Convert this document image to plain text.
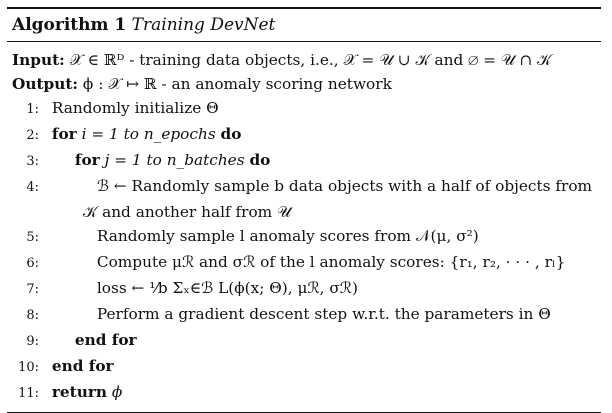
Algorithm 1 Training DevNet
Input: 𝒳 ∈ ℝᴰ - training data objects, i.e., 𝒳 = 𝒰 ∪ 𝒦 and ∅ = 𝒰 ∩ 𝒦
Output: ϕ : 𝒳 ↦ ℝ - an anomaly scoring network
1: Randomly initialize Θ
2: for i = 1 to n_epochs do
3: for j = 1 to n_batches do
4:	ℬ ← Randomly sample b data objects with a half of objects from
𝒦 and another half from 𝒰
5:	Randomly sample l anomaly scores from 𝒩(μ, σ²)
6:	Compute μℛ and σℛ of the l anomaly scores: {r₁, r₂, · · · , rₗ}
7:	loss ← ¹⁄b Σₓ∈ℬ L(ϕ(x; Θ), μℛ, σℛ)
8:	Perform a gradient descent step w.r.t. the parameters in Θ
9: end for
10: end for
11: return ϕ
